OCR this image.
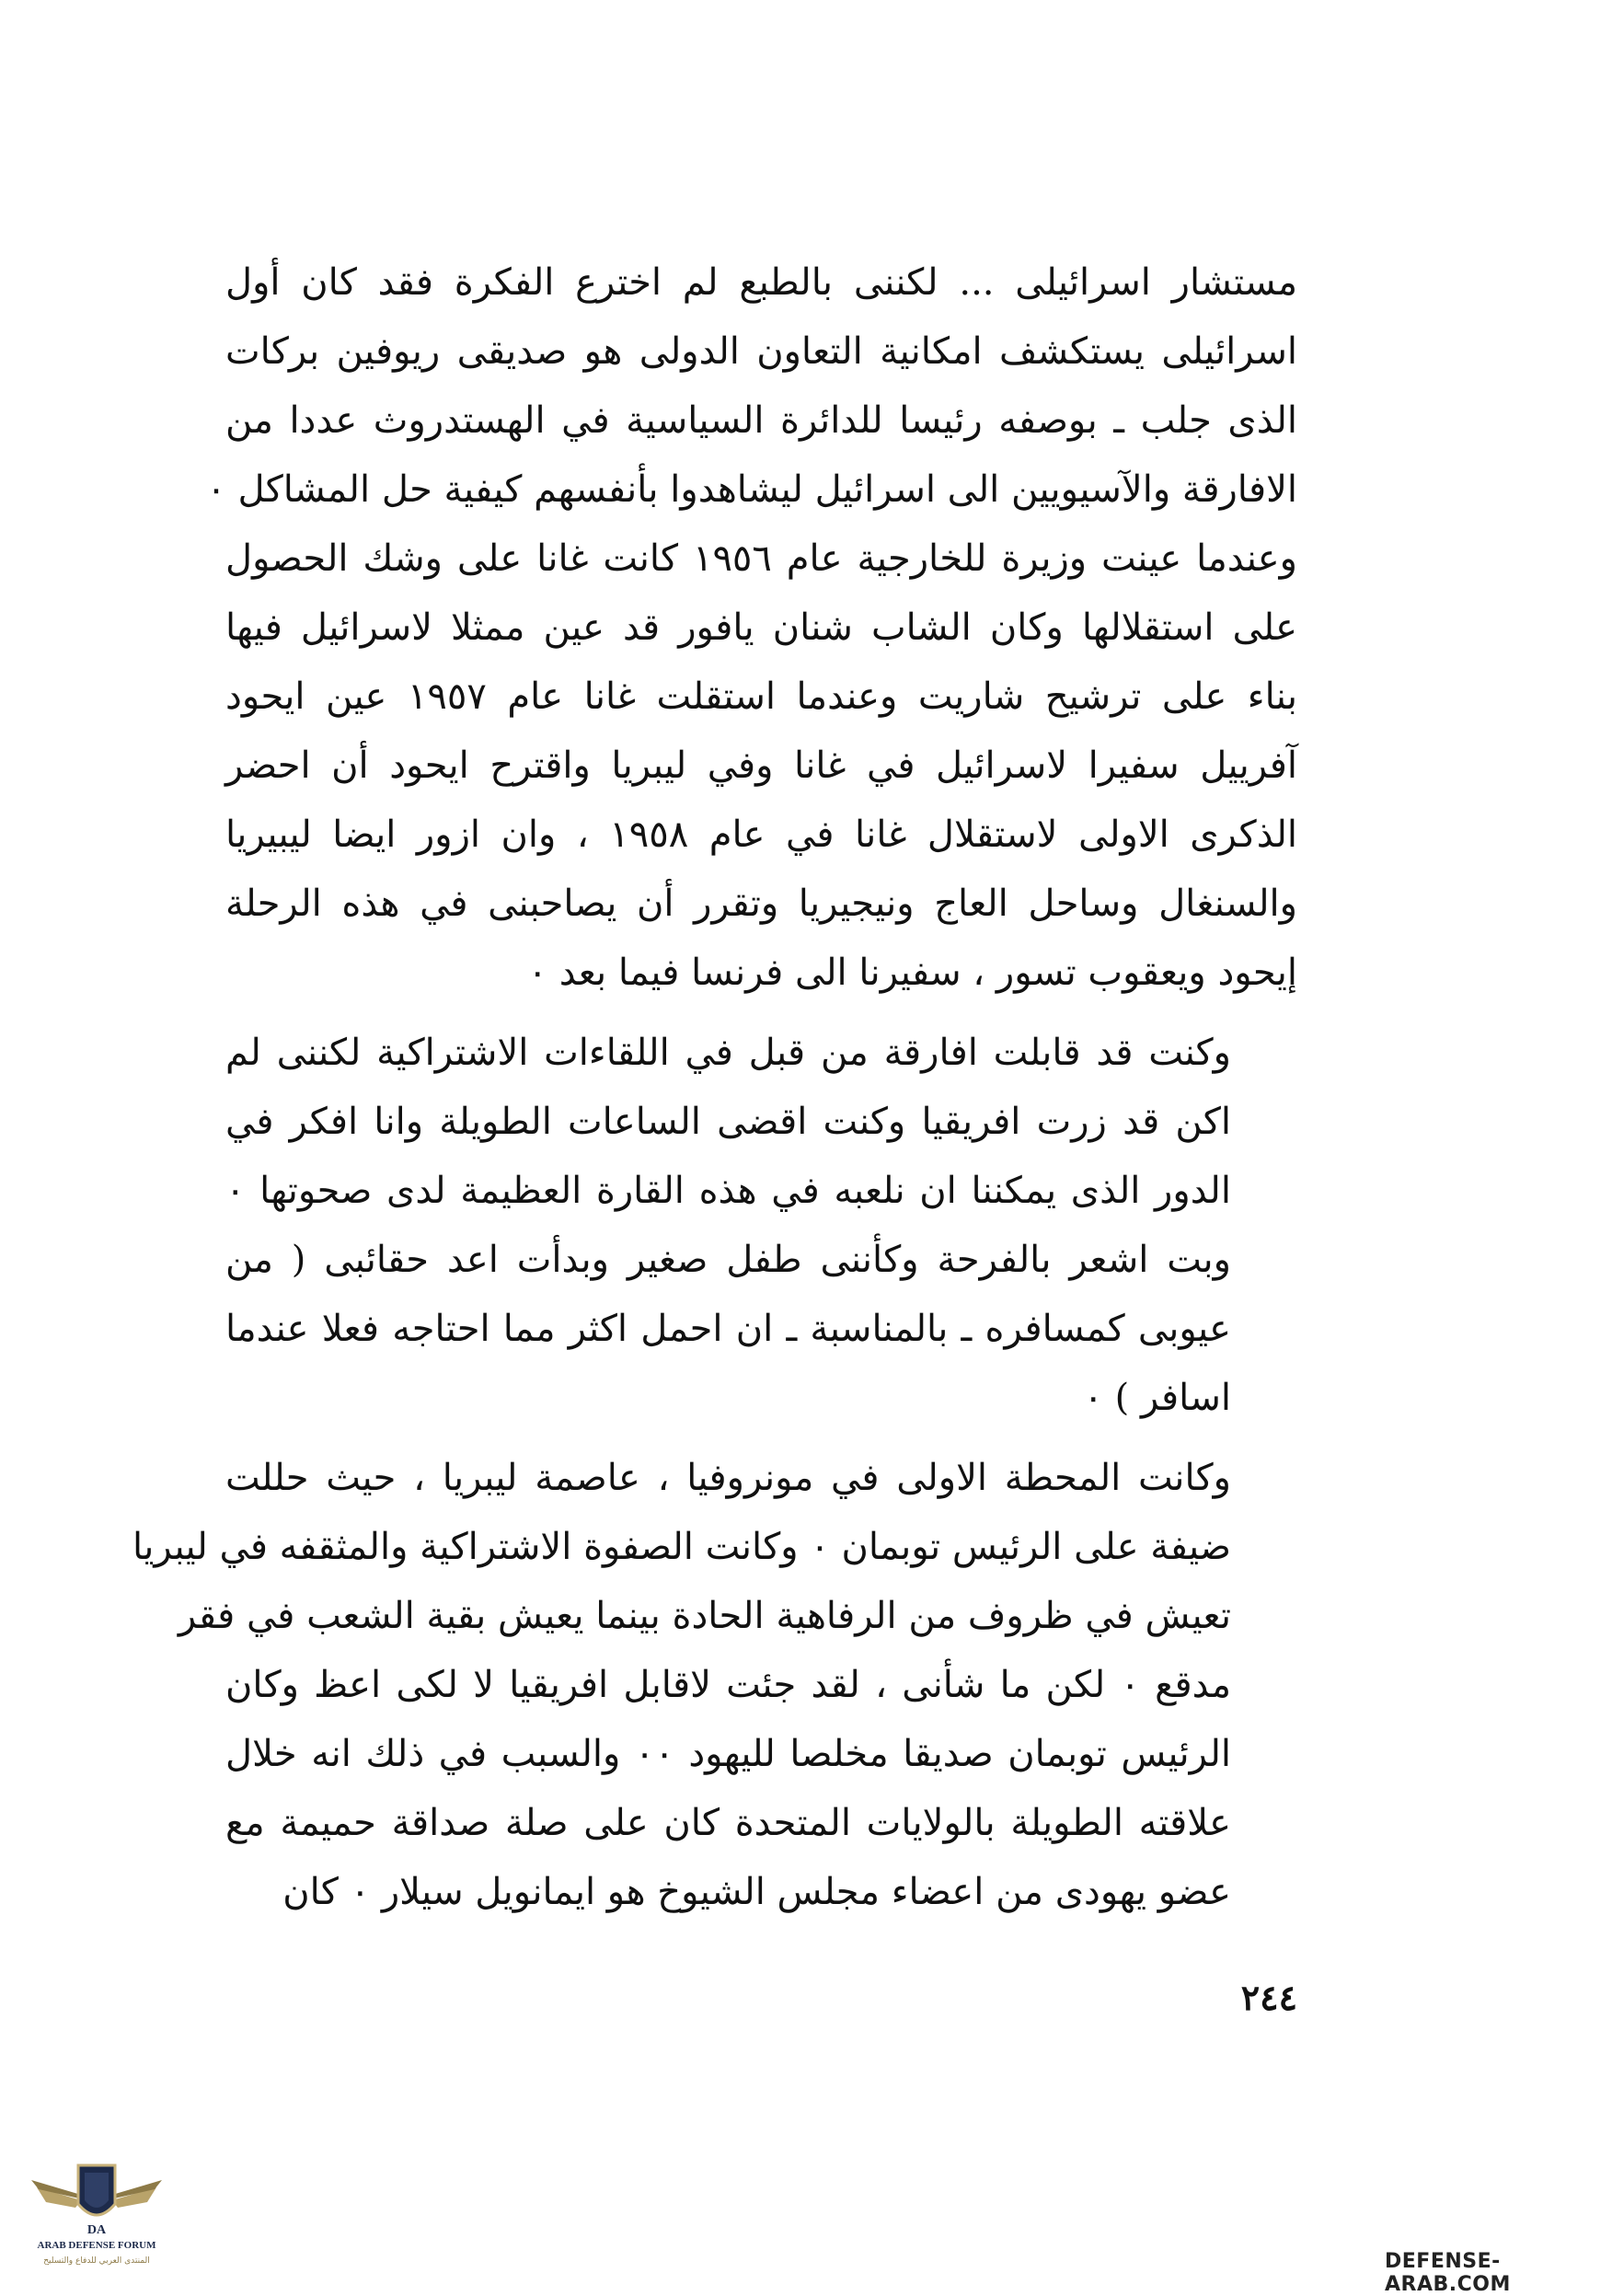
مستشار اسرائيلى ... لكننى بالطبع لم اخترع الفكرة فقد كان أول
اسرائيلى يستكشف امكانية التعاون الدولى هو صديقى ريوفين بركات
الذى جلب ـ بوصفه رئيسا للدائرة السياسية في الهستدروث عددا من
الافارقة والآسيويين الى اسرائيل ليشاهدوا بأنفسهم كيفية حل المشاكل ٠
وعندما عينت وزيرة للخارجية عام ١٩٥٦ كانت غانا على وشك الحصول
على استقلالها وكان الشاب شنان يافور قد عين ممثلا لاسرائيل فيها
بناء على ترشيح شاريت وعندما استقلت غانا عام ١٩٥٧ عين ايحود
آفرييل سفيرا لاسرائيل في غانا وفي ليبريا واقترح ايحود أن احضر
الذكرى الاولى لاستقلال غانا في عام ١٩٥٨ ، وان ازور ايضا ليبيريا
والسنغال وساحل العاج ونيجيريا وتقرر أن يصاحبنى في هذه الرحلة
إيحود ويعقوب تسور ، سفيرنا الى فرنسا فيما بعد ٠
وكنت قد قابلت افارقة من قبل في اللقاءات الاشتراكية لكننى لم
اكن قد زرت افريقيا وكنت اقضى الساعات الطويلة وانا افكر في
الدور الذى يمكننا ان نلعبه في هذه القارة العظيمة لدى صحوتها ٠
وبت اشعر بالفرحة وكأننى طفل صغير وبدأت اعد حقائبى ( من
عيوبى كمسافره ـ بالمناسبة ـ ان احمل اكثر مما احتاجه فعلا عندما
اسافر ) ٠
وكانت المحطة الاولى في مونروفيا ، عاصمة ليبريا ، حيث حللت
ضيفة على الرئيس توبمان ٠ وكانت الصفوة الاشتراكية والمثقفه في ليبريا
تعيش في ظروف من الرفاهية الحادة بينما يعيش بقية الشعب في فقر
مدقع ٠ لكن ما شأنى ، لقد جئت لاقابل افريقيا لا لكى اعظ وكان
الرئيس توبمان صديقا مخلصا لليهود ٠٠ والسبب في ذلك انه خلال
علاقته الطويلة بالولايات المتحدة كان على صلة صداقة حميمة مع
عضو يهودى من اعضاء مجلس الشيوخ هو ايمانويل سيلار ٠ كان
٢٤٤
DA
ARAB DEFENSE FORUM
المنتدى العربي للدفاع والتسليح	DEFENSE-ARAB.COM
